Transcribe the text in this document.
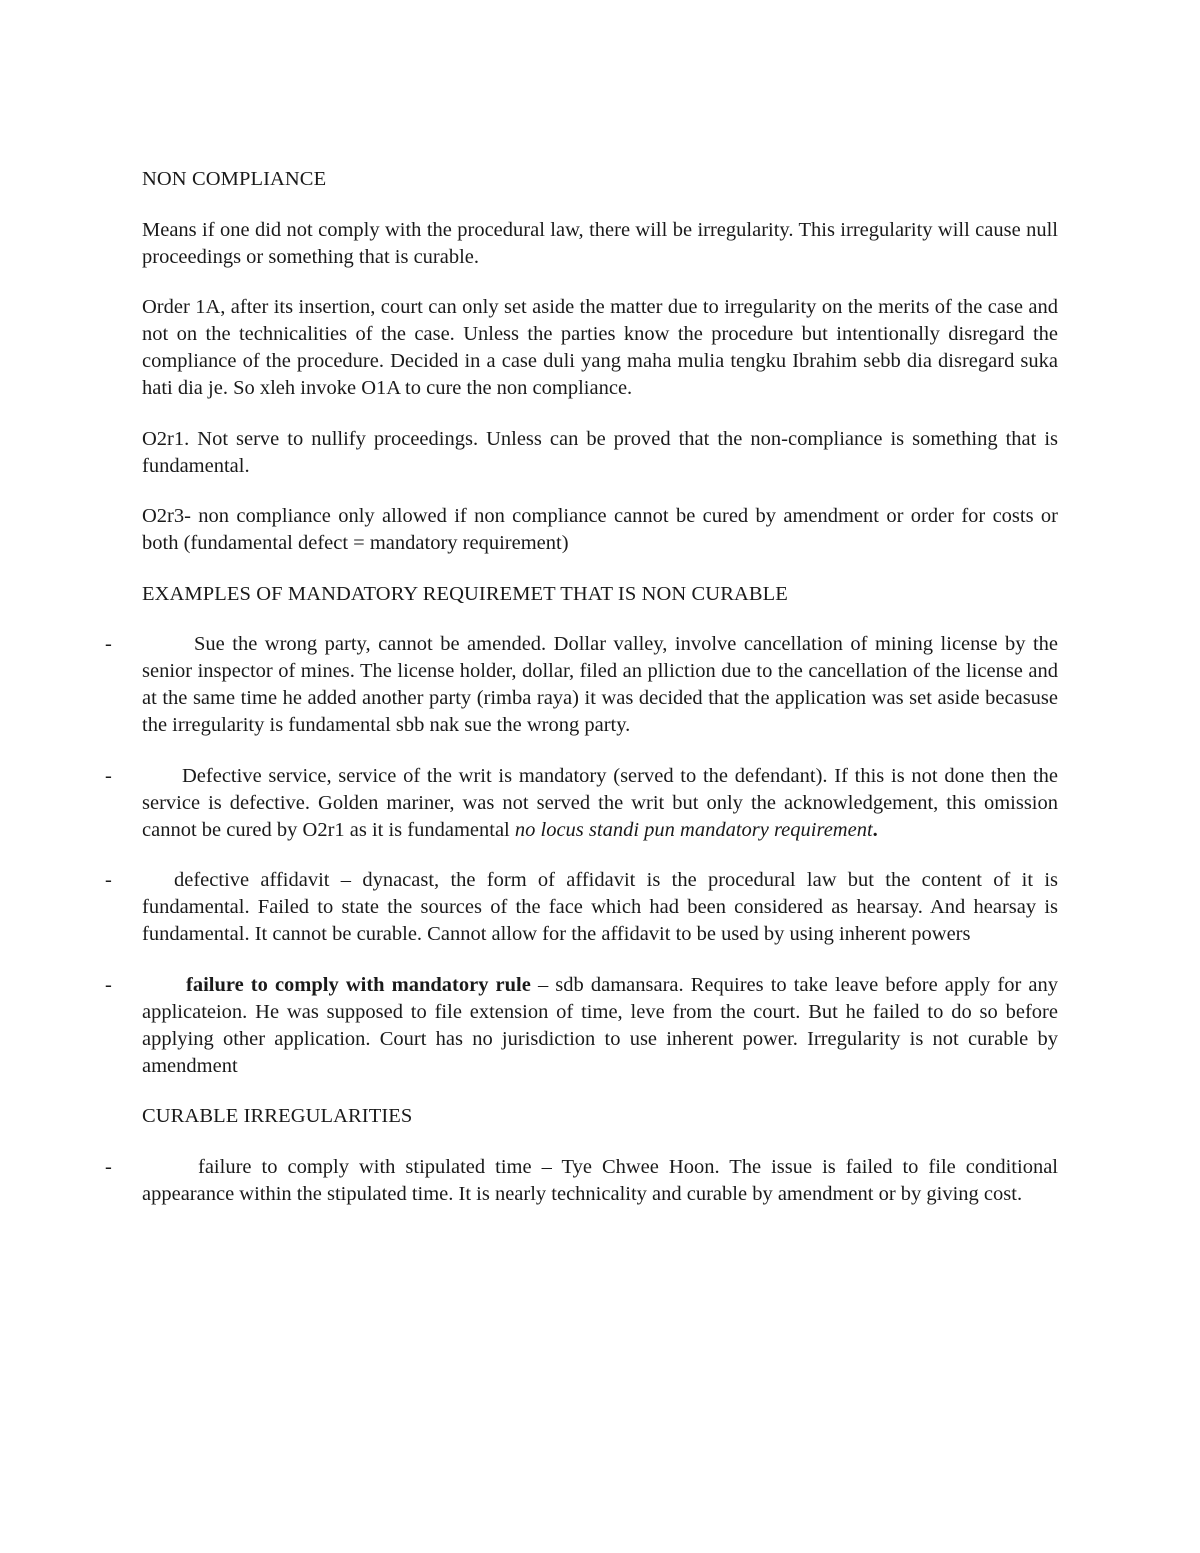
NON COMPLIANCE

Means if one did not comply with the procedural law, there will be irregularity. This irregularity will cause null proceedings or something that is curable.

Order 1A, after its insertion, court can only set aside the matter due to irregularity on the merits of the case and not on the technicalities of the case. Unless the parties know the procedure but intentionally disregard the compliance of the procedure. Decided in a case duli yang maha mulia tengku Ibrahim sebb dia disregard suka hati dia je. So xleh invoke O1A to cure the non compliance.

O2r1. Not serve to nullify proceedings. Unless can be proved that the non-compliance is something that is fundamental.

O2r3- non compliance only allowed if non compliance cannot be cured by amendment or order for costs or both (fundamental defect = mandatory requirement)

EXAMPLES OF MANDATORY REQUIREMET THAT IS NON CURABLE
-	Sue the wrong party, cannot be amended. Dollar valley, involve cancellation of mining license by the senior inspector of mines. The license holder, dollar, filed an plliction due to the cancellation of the license and at the same time he added another party (rimba raya) it was decided that the application was set aside becasuse the irregularity is fundamental sbb nak sue the wrong party.
-	Defective service, service of the writ is mandatory (served to the defendant). If this is not done then the service is defective. Golden mariner, was not served the writ but only the acknowledgement, this omission cannot be cured by O2r1 as it is fundamental no locus standi pun mandatory requirement.
-	defective affidavit – dynacast, the form of affidavit is the procedural law but the content of it is fundamental. Failed to state the sources of the face which had been considered as hearsay. And hearsay is fundamental. It cannot be curable. Cannot allow for the affidavit to be used by using inherent powers
-	failure to comply with mandatory rule – sdb damansara. Requires to take leave before apply for any applicateion. He was supposed to file extension of time, leve from the court. But he failed to do so before applying other application. Court has no jurisdiction to use inherent power. Irregularity is not curable by amendment
CURABLE IRREGULARITIES
-	failure to comply with stipulated time – Tye Chwee Hoon. The issue is failed to file conditional appearance within the stipulated time. It is nearly technicality and curable by amendment or by giving cost.
